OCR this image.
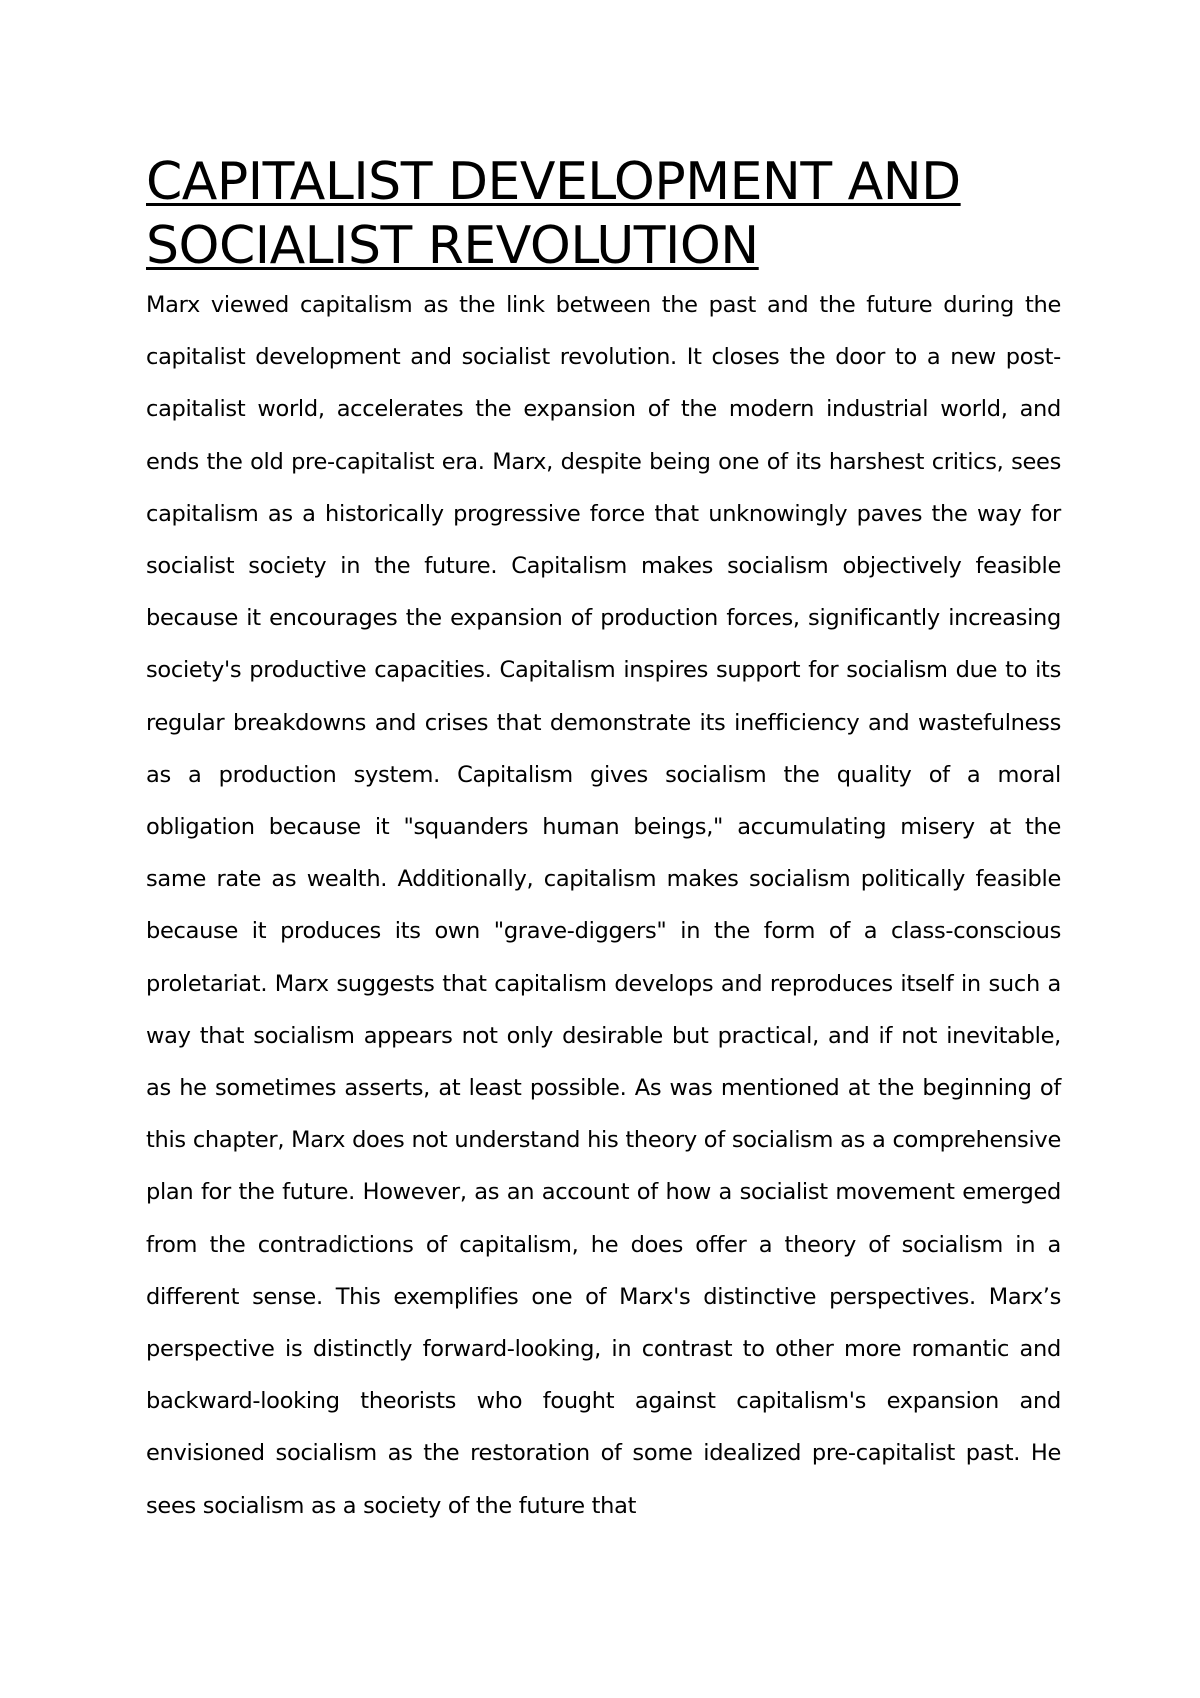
CAPITALIST DEVELOPMENT AND
SOCIALIST REVOLUTION

Marx viewed capitalism as the link between the past and the future during the capitalist development and socialist revolution. It closes the door to a new post-capitalist world, accelerates the expansion of the modern industrial world, and ends the old pre-capitalist era. Marx, despite being one of its harshest critics, sees capitalism as a historically progressive force that unknowingly paves the way for socialist society in the future. Capitalism makes socialism objectively feasible because it encourages the expansion of production forces, significantly increasing society's productive capacities. Capitalism inspires support for socialism due to its regular breakdowns and crises that demonstrate its inefficiency and wastefulness as a production system. Capitalism gives socialism the quality of a moral obligation because it "squanders human beings," accumulating misery at the same rate as wealth. Additionally, capitalism makes socialism politically feasible because it produces its own "grave-diggers" in the form of a class-conscious proletariat. Marx suggests that capitalism develops and reproduces itself in such a way that socialism appears not only desirable but practical, and if not inevitable, as he sometimes asserts, at least possible. As was mentioned at the beginning of this chapter, Marx does not understand his theory of socialism as a comprehensive plan for the future. However, as an account of how a socialist movement emerged from the contradictions of capitalism, he does offer a theory of socialism in a different sense. This exemplifies one of Marx's distinctive perspectives. Marx’s perspective is distinctly forward-looking, in contrast to other more romantic and backward-looking theorists who fought against capitalism's expansion and envisioned socialism as the restoration of some idealized pre-capitalist past. He sees socialism as a society of the future that
